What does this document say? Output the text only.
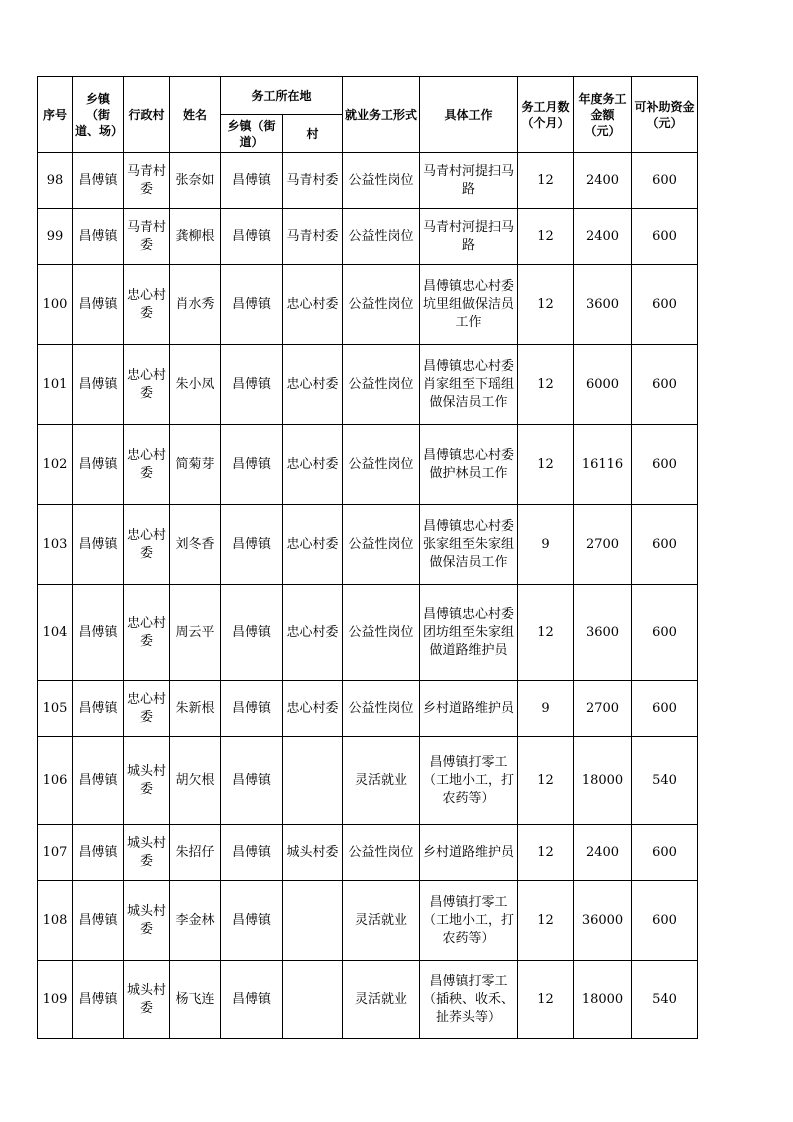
序号	乡镇（街道、场）	行政村	姓名	务工所在地		就业务工形式	具体工作	务工月数（个月）	年度务工金额（元）	可补助资金（元）
				乡镇（街道）	村					
98	昌傅镇	马青村委	张奈如	昌傅镇	马青村委	公益性岗位	马青村河提扫马路	12	2400	600
99	昌傅镇	马青村委	龚柳根	昌傅镇	马青村委	公益性岗位	马青村河提扫马路	12	2400	600
100	昌傅镇	忠心村委	肖水秀	昌傅镇	忠心村委	公益性岗位	昌傅镇忠心村委坑里组做保洁员工作	12	3600	600
101	昌傅镇	忠心村委	朱小凤	昌傅镇	忠心村委	公益性岗位	昌傅镇忠心村委肖家组至下瑶组做保洁员工作	12	6000	600
102	昌傅镇	忠心村委	简菊芽	昌傅镇	忠心村委	公益性岗位	昌傅镇忠心村委做护林员工作	12	16116	600
103	昌傅镇	忠心村委	刘冬香	昌傅镇	忠心村委	公益性岗位	昌傅镇忠心村委张家组至朱家组做保洁员工作	9	2700	600
104	昌傅镇	忠心村委	周云平	昌傅镇	忠心村委	公益性岗位	昌傅镇忠心村委团坊组至朱家组做道路维护员	12	3600	600
105	昌傅镇	忠心村委	朱新根	昌傅镇	忠心村委	公益性岗位	乡村道路维护员	9	2700	600
106	昌傅镇	城头村委	胡欠根	昌傅镇		灵活就业	昌傅镇打零工（工地小工，打农药等）	12	18000	540
107	昌傅镇	城头村委	朱招仔	昌傅镇	城头村委	公益性岗位	乡村道路维护员	12	2400	600
108	昌傅镇	城头村委	李金林	昌傅镇		灵活就业	昌傅镇打零工（工地小工，打农药等）	12	36000	600
109	昌傅镇	城头村委	杨飞连	昌傅镇		灵活就业	昌傅镇打零工（插秧、收禾、扯荞头等）	12	18000	540
